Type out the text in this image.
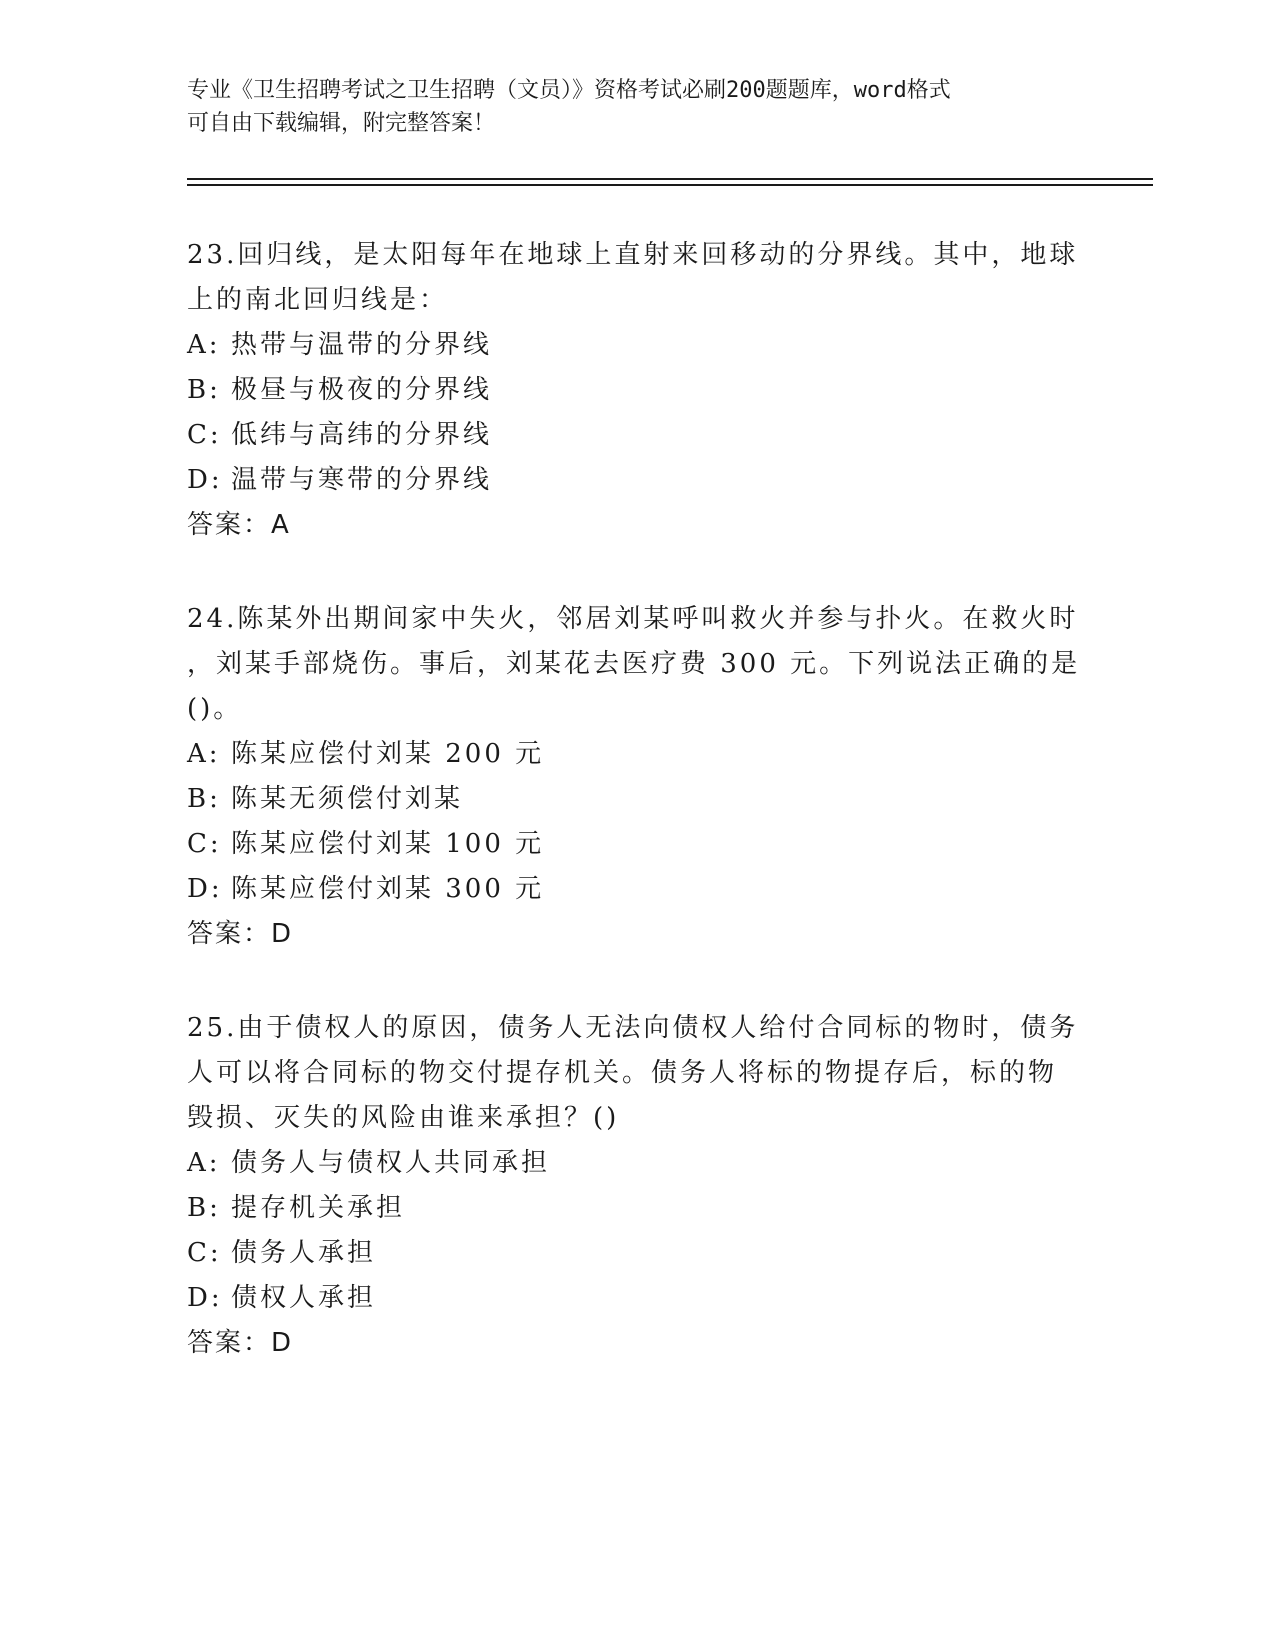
专业《卫生招聘考试之卫生招聘（文员）》资格考试必刷200题题库，word格式
可自由下载编辑，附完整答案！
23.回归线，是太阳每年在地球上直射来回移动的分界线。其中，地球
上的南北回归线是：
A: 热带与温带的分界线
B: 极昼与极夜的分界线
C: 低纬与高纬的分界线
D: 温带与寒带的分界线
答案：A
24.陈某外出期间家中失火，邻居刘某呼叫救火并参与扑火。在救火时
，刘某手部烧伤。事后，刘某花去医疗费 300 元。下列说法正确的是
()。
A: 陈某应偿付刘某 200 元
B: 陈某无须偿付刘某
C: 陈某应偿付刘某 100 元
D: 陈某应偿付刘某 300 元
答案：D
25.由于债权人的原因，债务人无法向债权人给付合同标的物时，债务
人可以将合同标的物交付提存机关。债务人将标的物提存后，标的物
毁损、灭失的风险由谁来承担？()
A: 债务人与债权人共同承担
B: 提存机关承担
C: 债务人承担
D: 债权人承担
答案：D
